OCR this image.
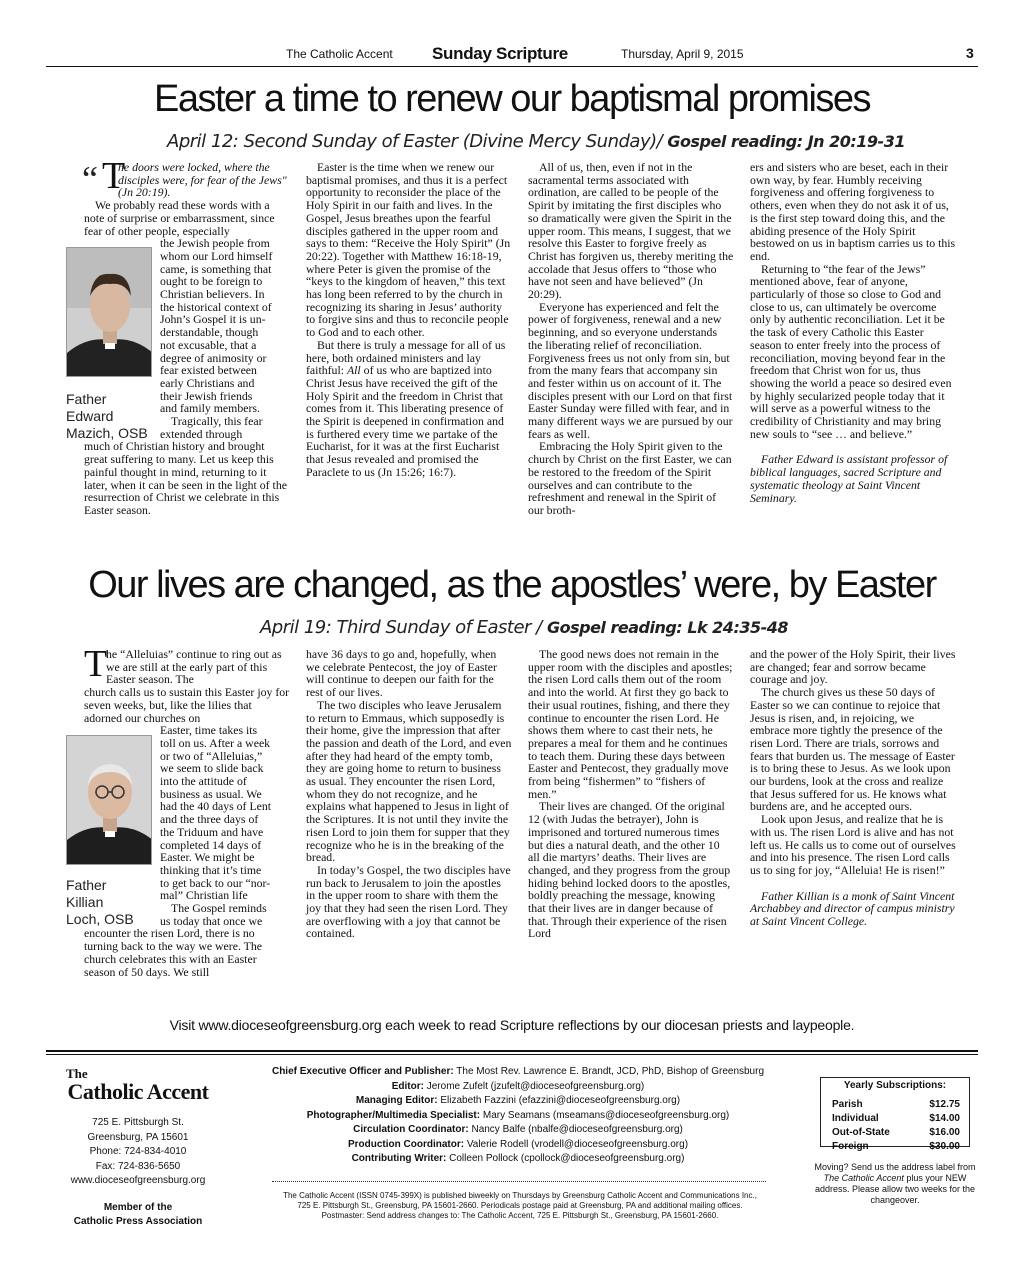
The Catholic Accent Sunday Scripture	Thursday, April 9, 2015	3
Easter a time to renew our baptismal promises
April 12: Second Sunday of Easter (Divine Mercy Sunday)/ Gospel reading: Jn 20:19-31
“ T

he doors were locked, where the disciples were, for fear of the Jews" (Jn 20:19).

We probably read these words with a note of surprise or embarrassment, since fear of other people, especially

the Jewish people from
whom our Lord himself
came, is something that
ought to be foreign to
Christian believers. In
the historical context of
John’s Gospel it is un-
derstandable, though
not excusable, that a
degree of animosity or
fear existed between
early Christians and
their Jewish friends
and family members.
Tragically, this fear
extended through

much of Christian history and brought great suffering to many. Let us keep this painful thought in mind, returning to it later, when it can be seen in the light of the resurrection of Christ we celebrate in this Easter season.

Father
Edward
Mazich, OSB

Easter is the time when we renew our baptismal promises, and thus it is a perfect opportunity to reconsider the place of the Holy Spirit in our faith and lives. In the Gospel, Jesus breathes upon the fearful disciples gathered in the upper room and says to them: “Receive the Holy Spirit” (Jn 20:22). Together with Matthew 16:18-19, where Peter is given the promise of the “keys to the kingdom of heaven,” this text has long been referred to by the church in recognizing its sharing in Jesus’ authority to forgive sins and thus to reconcile people to God and to each other.

But there is truly a message for all of us here, both ordained ministers and lay faithful: All of us who are baptized into Christ Jesus have received the gift of the Holy Spirit and the freedom in Christ that comes from it. This liberating presence of the Spirit is deepened in confirmation and is furthered every time we partake of the Eucharist, for it was at the first Eucharist that Jesus revealed and promised the Paraclete to us (Jn 15:26; 16:7).

All of us, then, even if not in the sacramental terms associated with ordination, are called to be people of the Spirit by imitating the first disciples who so dramatically were given the Spirit in the upper room. This means, I suggest, that we resolve this Easter to forgive freely as Christ has forgiven us, thereby meriting the accolade that Jesus offers to “those who have not seen and have believed” (Jn 20:29).

Everyone has experienced and felt the power of forgiveness, renewal and a new beginning, and so everyone understands the liberating relief of reconciliation. Forgiveness frees us not only from sin, but from the many fears that accompany sin and fester within us on account of it. The disciples present with our Lord on that first Easter Sunday were filled with fear, and in many different ways we are pursued by our fears as well.

Embracing the Holy Spirit given to the church by Christ on the first Easter, we can be restored to the freedom of the Spirit ourselves and can contribute to the refreshment and renewal in the Spirit of our broth-

ers and sisters who are beset, each in their own way, by fear. Humbly receiving forgiveness and offering forgiveness to others, even when they do not ask it of us, is the first step toward doing this, and the abiding presence of the Holy Spirit bestowed on us in baptism carries us to this end.

Returning to “the fear of the Jews” mentioned above, fear of anyone, particularly of those so close to God and close to us, can ultimately be overcome only by authentic reconciliation. Let it be the task of every Catholic this Easter season to enter freely into the process of reconciliation, moving beyond fear in the freedom that Christ won for us, thus showing the world a peace so desired even by highly secularized people today that it will serve as a powerful witness to the credibility of Christianity and may bring new souls to “see … and believe.”

Father Edward is assistant professor of biblical languages, sacred Scripture and systematic theology at Saint Vincent Seminary.

Our lives are changed, as the apostles’ were, by Easter
April 19: Third Sunday of Easter / Gospel reading: Lk 24:35-48
T

he “Alleluias” continue to ring out as we are still at the early part of this Easter season. The

church calls us to sustain this Easter joy for seven weeks, but, like the lilies that adorned our churches on

Easter, time takes its
toll on us. After a week
or two of “Alleluias,”
we seem to slide back
into the attitude of
business as usual. We
had the 40 days of Lent
and the three days of
the Triduum and have
completed 14 days of
Easter. We might be
thinking that it’s time
to get back to our “nor-
mal” Christian life
The Gospel reminds
us today that once we

encounter the risen Lord, there is no turning back to the way we were. The church celebrates this with an Easter season of 50 days. We still

Father
Killian
Loch, OSB

have 36 days to go and, hopefully, when we celebrate Pentecost, the joy of Easter will continue to deepen our faith for the rest of our lives.

The two disciples who leave Jerusalem to return to Emmaus, which supposedly is their home, give the impression that after the passion and death of the Lord, and even after they had heard of the empty tomb, they are going home to return to business as usual. They encounter the risen Lord, whom they do not recognize, and he explains what happened to Jesus in light of the Scriptures. It is not until they invite the risen Lord to join them for supper that they recognize who he is in the breaking of the bread.

In today’s Gospel, the two disciples have run back to Jerusalem to join the apostles in the upper room to share with them the joy that they had seen the risen Lord. They are overflowing with a joy that cannot be contained.

The good news does not remain in the upper room with the disciples and apostles; the risen Lord calls them out of the room and into the world. At first they go back to their usual routines, fishing, and there they continue to encounter the risen Lord. He shows them where to cast their nets, he prepares a meal for them and he continues to teach them. During these days between Easter and Pentecost, they gradually move from being “fishermen” to “fishers of men.”

Their lives are changed. Of the original 12 (with Judas the betrayer), John is imprisoned and tortured numerous times but dies a natural death, and the other 10 all die martyrs’ deaths. Their lives are changed, and they progress from the group hiding behind locked doors to the apostles, boldly preaching the message, knowing that their lives are in danger because of that. Through their experience of the risen Lord

and the power of the Holy Spirit, their lives are changed; fear and sorrow became courage and joy.

The church gives us these 50 days of Easter so we can continue to rejoice that Jesus is risen, and, in rejoicing, we embrace more tightly the presence of the risen Lord. There are trials, sorrows and fears that burden us. The message of Easter is to bring these to Jesus. As we look upon our burdens, look at the cross and realize that Jesus suffered for us. He knows what burdens are, and he accepted ours.

Look upon Jesus, and realize that he is with us. The risen Lord is alive and has not left us. He calls us to come out of ourselves and into his presence. The risen Lord calls us to sing for joy, “Alleluia! He is risen!”

Father Killian is a monk of Saint Vincent Archabbey and director of campus ministry at Saint Vincent College.

Visit www.dioceseofgreensburg.org each week to read Scripture reflections by our diocesan priests and laypeople.
The
Catholic Accent
725 E. Pittsburgh St.
Greensburg, PA 15601
Phone: 724-834-4010
Fax: 724-836-5650
www.dioceseofgreensburg.org
Member of the
Catholic Press Association
Chief Executive Officer and Publisher: The Most Rev. Lawrence E. Brandt, JCD, PhD, Bishop of Greensburg
Editor: Jerome Zufelt (jzufelt@dioceseofgreensburg.org)
Managing Editor: Elizabeth Fazzini (efazzini@dioceseofgreensburg.org)
Photographer/Multimedia Specialist: Mary Seamans (mseamans@dioceseofgreensburg.org)
Circulation Coordinator: Nancy Balfe (nbalfe@dioceseofgreensburg.org)
Production Coordinator: Valerie Rodell (vrodell@dioceseofgreensburg.org)
Contributing Writer: Colleen Pollock (cpollock@dioceseofgreensburg.org)
The Catholic Accent (ISSN 0745-399X) is published biweekly on Thursdays by Greensburg Catholic Accent and Communications Inc., 725 E. Pittsburgh St., Greensburg, PA 15601-2660. Periodicals postage paid at Greensburg, PA and additional mailing offices. Postmaster: Send address changes to: The Catholic Accent, 725 E. Pittsburgh St., Greensburg, PA 15601-2660.
Yearly Subscriptions:
Parish	$12.75
Individual	$14.00
Out-of-State	$16.00
Foreign	$30.00
Moving? Send us the address label from The Catholic Accent plus your NEW address. Please allow two weeks for the changeover.
